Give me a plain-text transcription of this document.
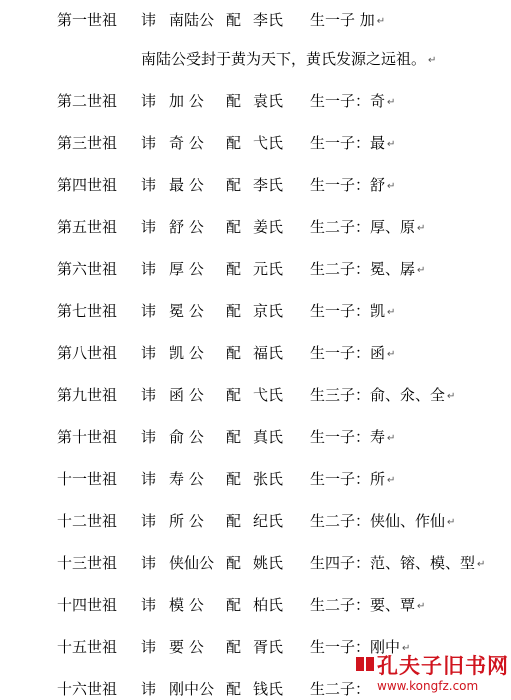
第一世祖 讳 南陆公 配 李氏 生一子 加 ↵
第二世祖 讳 加 公 配 袁氏 生一子：奇 ↵
第三世祖 讳 奇 公 配 弋氏 生一子：最 ↵
第四世祖 讳 最 公 配 李氏 生一子：舒 ↵
第五世祖 讳 舒 公 配 姜氏 生二子：厚、原 ↵
第六世祖 讳 厚 公 配 元氏 生二子：冕、孱 ↵
第七世祖 讳 冕 公 配 京氏 生一子：凯 ↵
第八世祖 讳 凯 公 配 福氏 生一子：函 ↵
第九世祖 讳 函 公 配 弋氏 生三子：俞、氽、全 ↵
第十世祖 讳 俞 公 配 真氏 生一子：寿 ↵
十一世祖 讳 寿 公 配 张氏 生一子：所 ↵
十二世祖 讳 所 公 配 纪氏 生二子：侠仙、作仙 ↵
十三世祖 讳 侠仙公 配 姚氏 生四子：范、镕、模、型 ↵
十四世祖 讳 模 公 配 柏氏 生二子：要、覃 ↵
十五世祖 讳 要 公 配 胥氏 生一子：刚中 ↵
十六世祖 讳 刚中公 配 钱氏 生二子：
南陆公受封于黄为天下，黄氏发源之远祖。 ↵
孔夫子旧书网
www.kongfz.com
